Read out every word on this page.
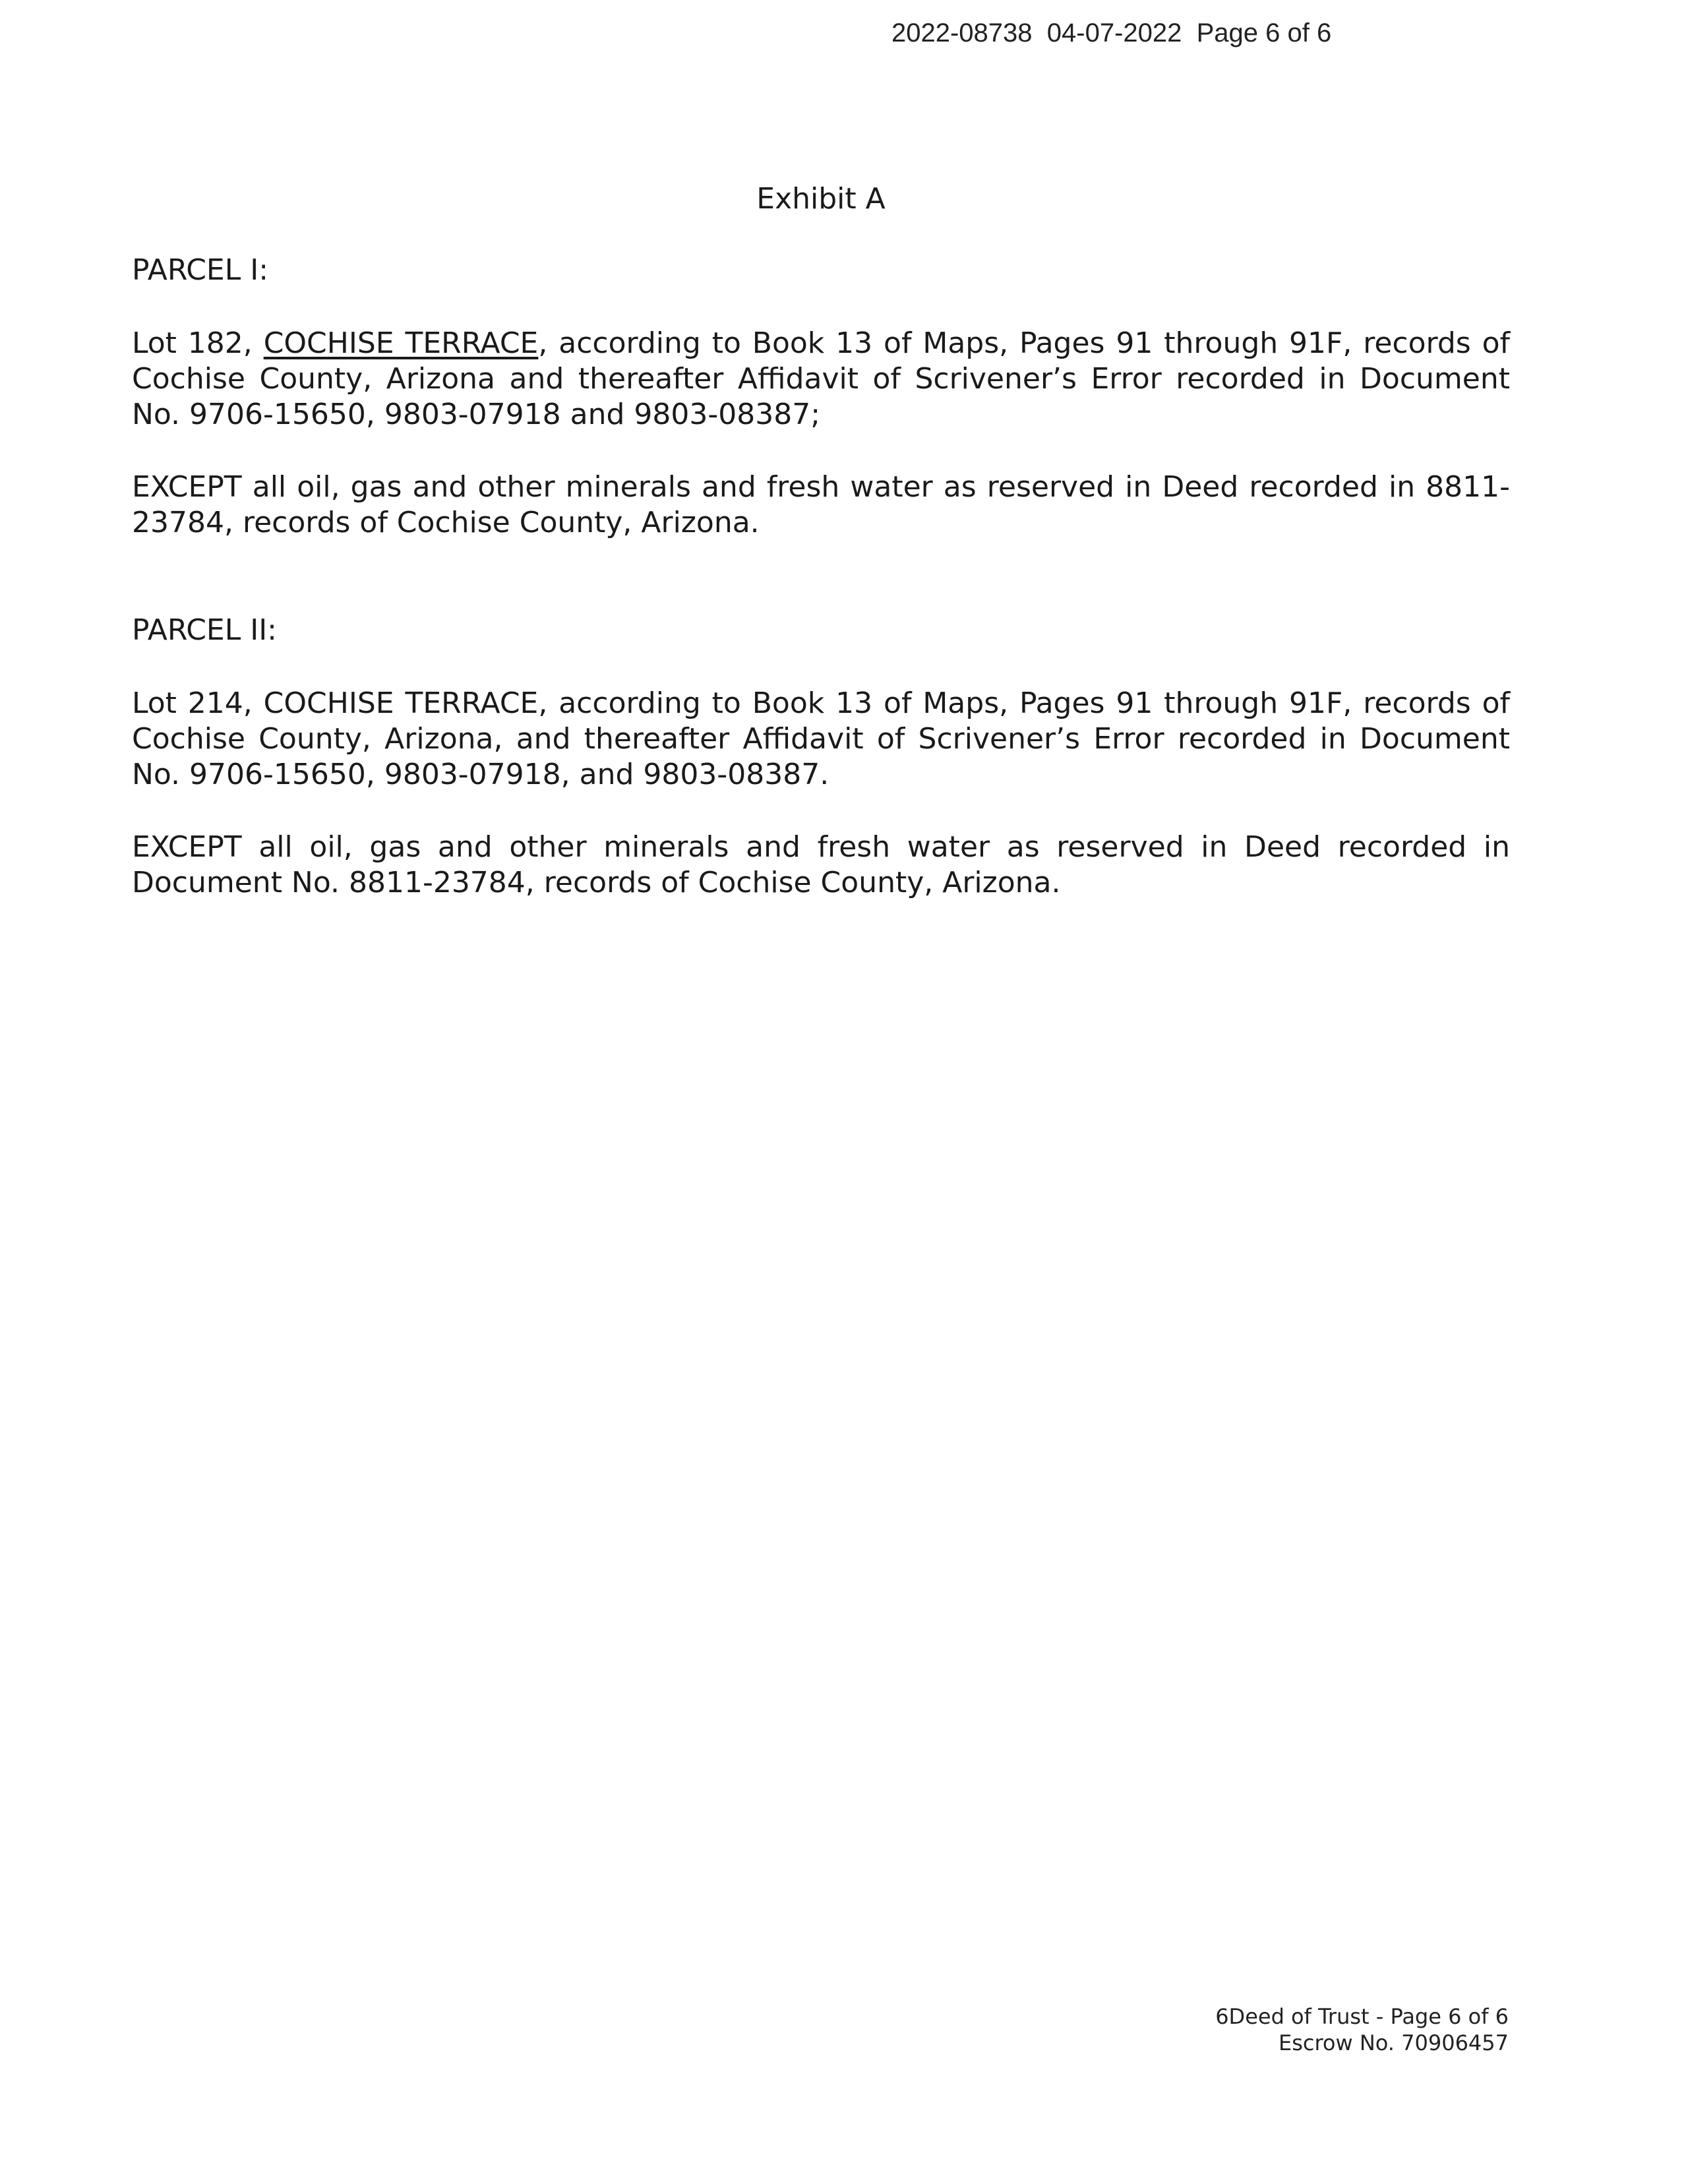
2022-08738  04-07-2022  Page 6 of 6
Exhibit A
PARCEL I:

Lot 182, COCHISE TERRACE, according to Book 13 of Maps, Pages 91 through 91F, records of Cochise County, Arizona and thereafter Affidavit of Scrivener’s Error recorded in Document No. 9706-15650, 9803-07918 and 9803-08387;

EXCEPT all oil, gas and other minerals and fresh water as reserved in Deed recorded in 8811-23784, records of Cochise County, Arizona.

PARCEL II:

Lot 214, COCHISE TERRACE, according to Book 13 of Maps, Pages 91 through 91F, records of Cochise County, Arizona, and thereafter Affidavit of Scrivener’s Error recorded in Document No. 9706-15650, 9803-07918, and 9803-08387.

EXCEPT all oil, gas and other minerals and fresh water as reserved in Deed recorded in Document No. 8811-23784, records of Cochise County, Arizona.

6Deed of Trust - Page 6 of 6
Escrow No. 70906457
